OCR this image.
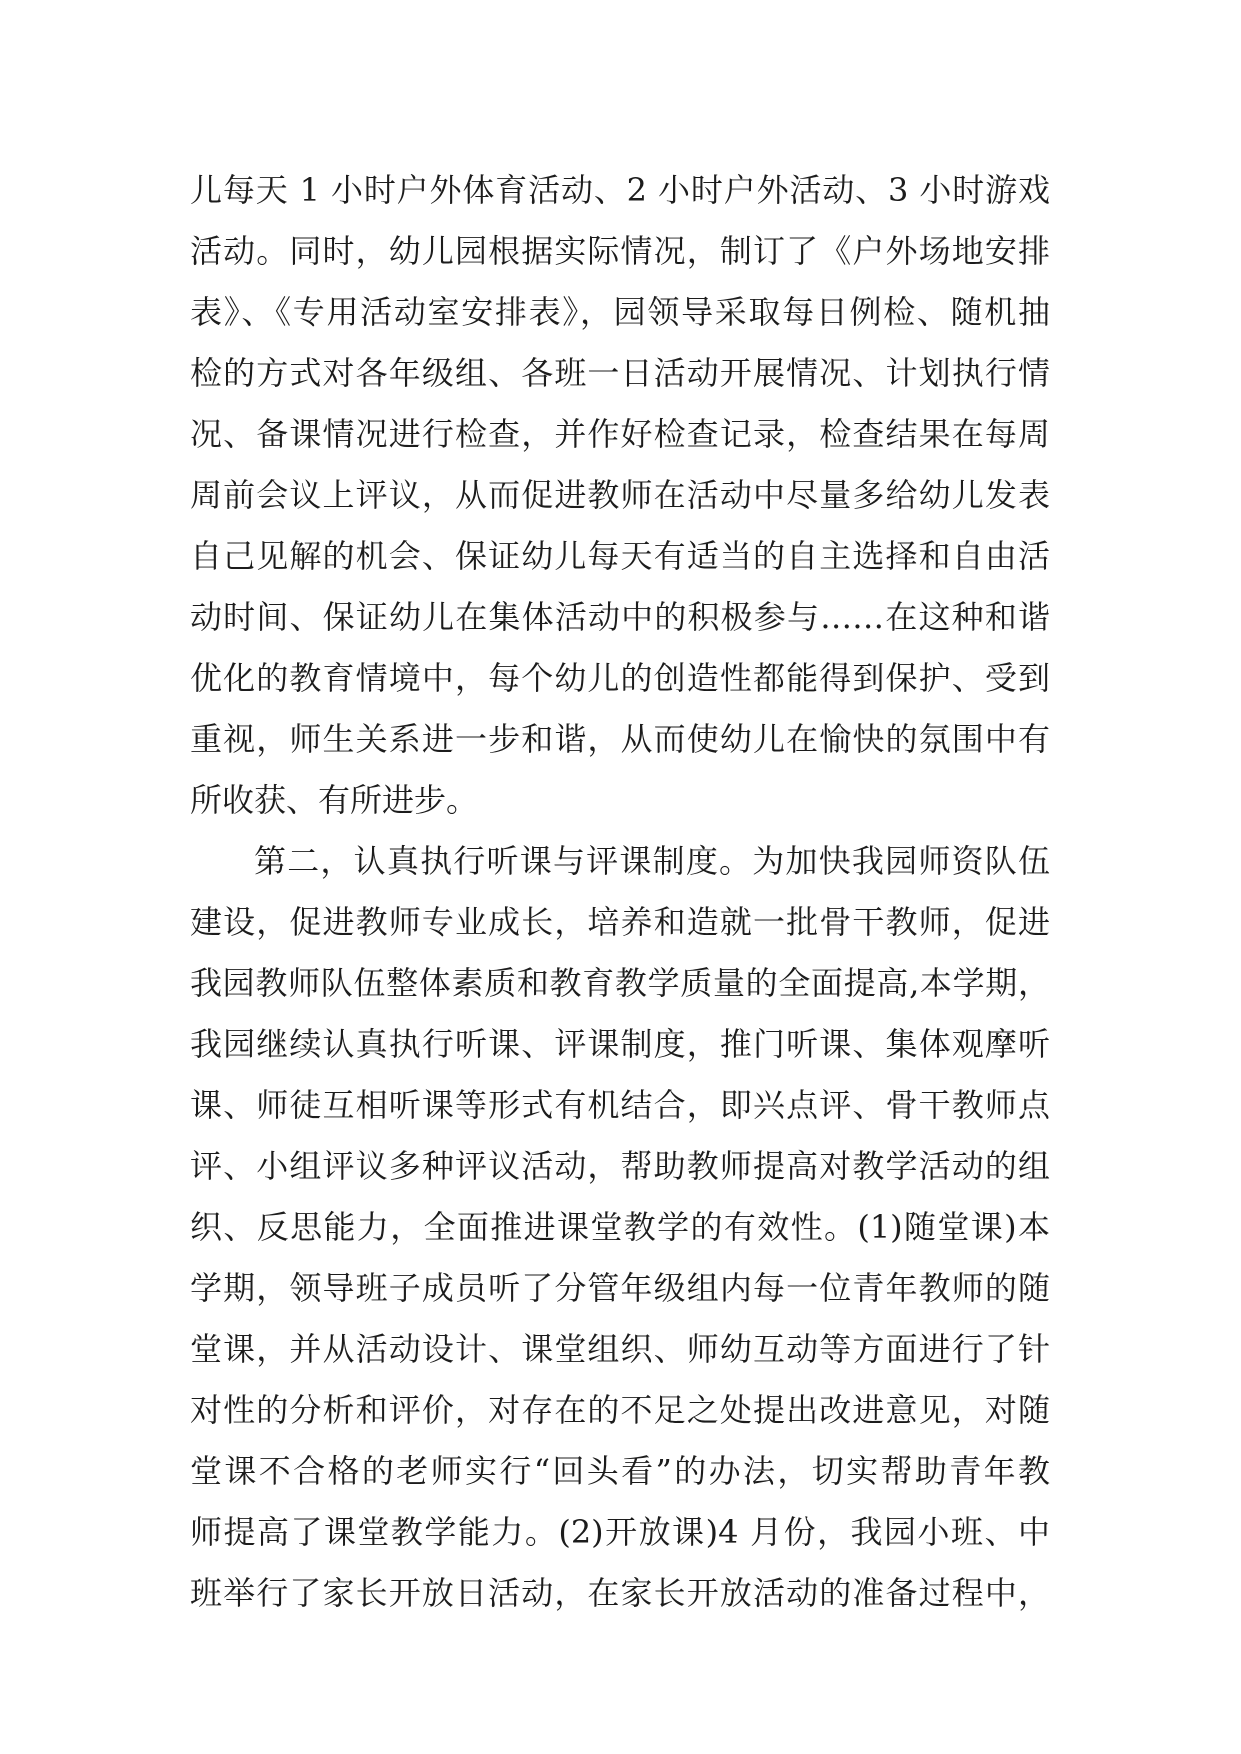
儿每天 1 小时户外体育活动、2 小时户外活动、3 小时游戏
活动。同时，幼儿园根据实际情况，制订了《户外场地安排
表》、《专用活动室安排表》，园领导采取每日例检、随机抽
检的方式对各年级组、各班一日活动开展情况、计划执行情
况、备课情况进行检查，并作好检查记录，检查结果在每周
周前会议上评议，从而促进教师在活动中尽量多给幼儿发表
自己见解的机会、保证幼儿每天有适当的自主选择和自由活
动时间、保证幼儿在集体活动中的积极参与……在这种和谐
优化的教育情境中，每个幼儿的创造性都能得到保护、受到
重视，师生关系进一步和谐，从而使幼儿在愉快的氛围中有
所收获、有所进步。
第二，认真执行听课与评课制度。为加快我园师资队伍
建设，促进教师专业成长，培养和造就一批骨干教师，促进
我园教师队伍整体素质和教育教学质量的全面提高,本学期，
我园继续认真执行听课、评课制度，推门听课、集体观摩听
课、师徒互相听课等形式有机结合，即兴点评、骨干教师点
评、小组评议多种评议活动，帮助教师提高对教学活动的组
织、反思能力，全面推进课堂教学的有效性。(1)随堂课)本
学期，领导班子成员听了分管年级组内每一位青年教师的随
堂课，并从活动设计、课堂组织、师幼互动等方面进行了针
对性的分析和评价，对存在的不足之处提出改进意见，对随
堂课不合格的老师实行“回头看”的办法，切实帮助青年教
师提高了课堂教学能力。(2)开放课)4 月份，我园小班、中
班举行了家长开放日活动，在家长开放活动的准备过程中，
